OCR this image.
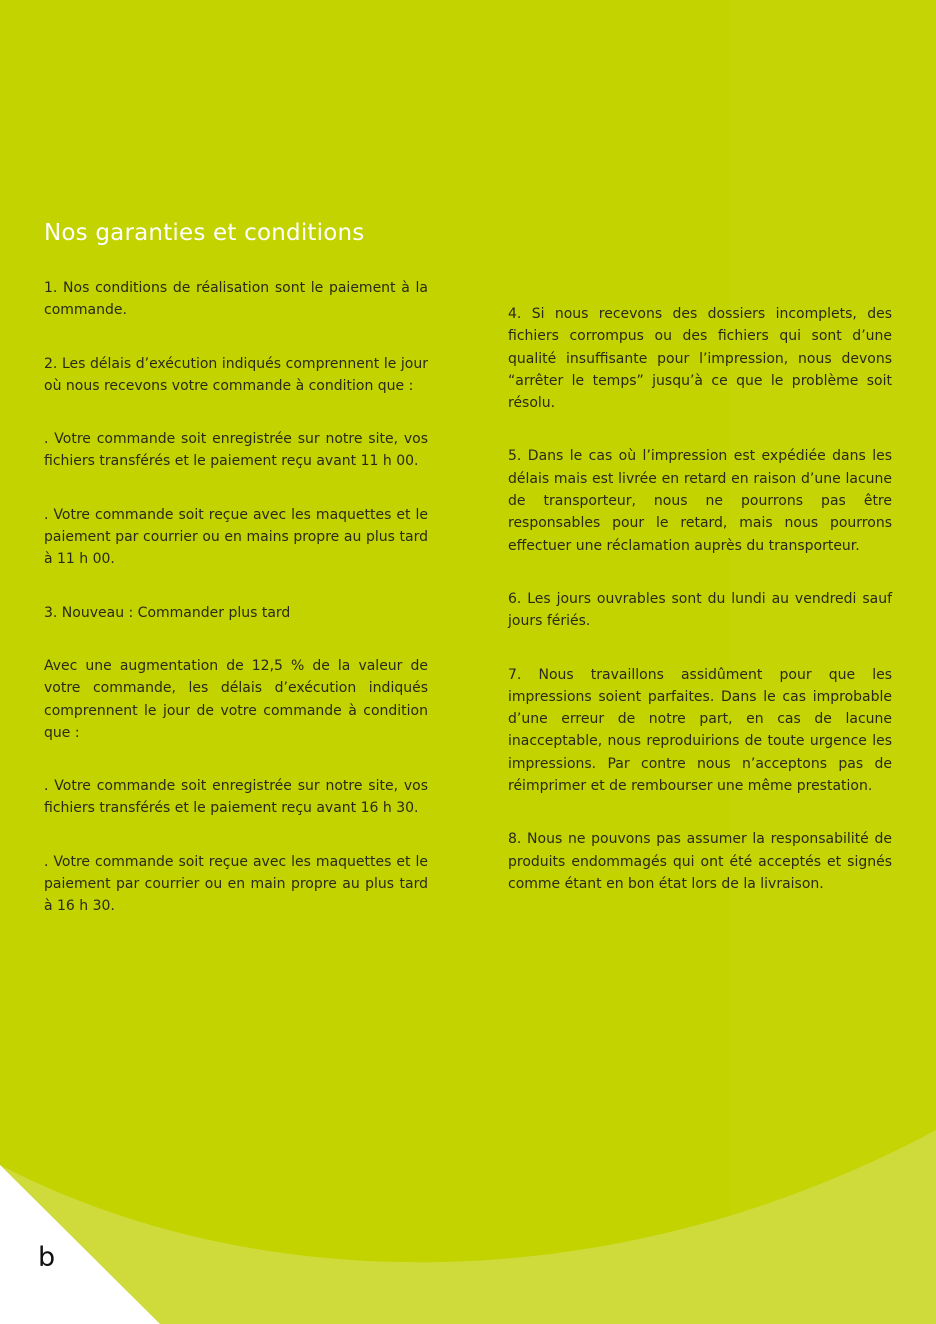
Nos garanties et conditions

1. Nos conditions de réalisation sont le paiement à la commande.

2. Les délais d’exécution indiqués comprennent le jour où nous recevons votre commande à condition que :

. Votre commande soit enregistrée sur notre site, vos fichiers transférés et le paiement reçu avant 11 h 00.

. Votre commande soit reçue avec les maquettes et le paiement par courrier ou en mains propre au plus tard à 11 h 00.

3. Nouveau : Commander plus tard

Avec une augmentation de 12,5 % de la valeur de votre commande, les délais d’exécution indiqués comprennent le jour de votre commande à condition que :

. Votre commande soit enregistrée sur notre site, vos fichiers transférés et le paiement reçu avant 16 h 30.

. Votre commande soit reçue avec les maquettes et le paiement par courrier ou en main propre au plus tard à 16 h 30.

4. Si nous recevons des dossiers incomplets, des fichiers corrompus ou des fichiers qui sont d’une qualité insuffisante pour l’impression, nous devons “arrêter le temps” jusqu’à ce que le problème soit résolu.

5. Dans le cas où l’impression est expédiée dans les délais mais est livrée en retard en raison d’une lacune de transporteur, nous ne pourrons pas être responsables pour le retard, mais nous pourrons effectuer une réclamation auprès du transporteur.

6. Les jours ouvrables sont du lundi au vendredi sauf jours fériés.

7. Nous travaillons assidûment pour que les impressions soient parfaites. Dans le cas improbable d’une erreur de notre part, en cas de lacune inacceptable, nous reproduirions de toute urgence les impressions. Par contre nous n’acceptons pas de réimprimer et de rembourser une même prestation.

8. Nous ne pouvons pas assumer la responsabilité de produits endommagés qui ont été acceptés et signés comme étant en bon état lors de la livraison.

b
